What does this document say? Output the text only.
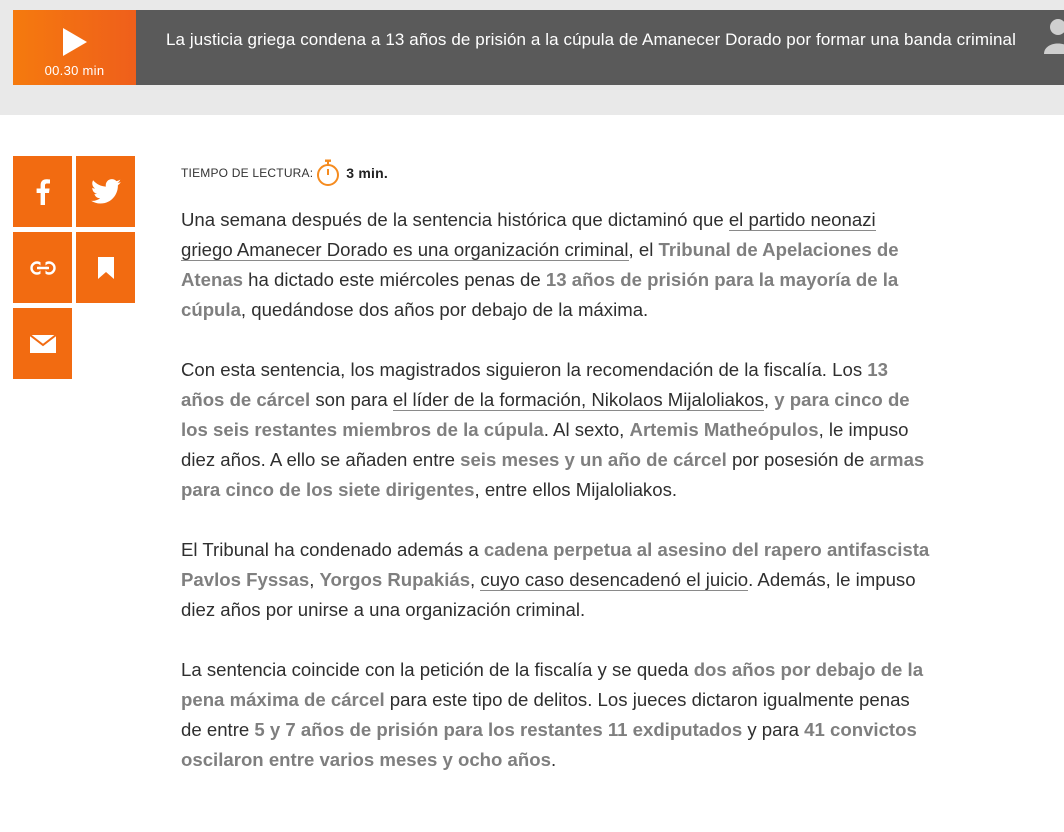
00.30 min
La justicia griega condena a 13 años de prisión a la cúpula de Amanecer Dorado por formar una banda criminal
TIEMPO DE LECTURA: 3 min.

Una semana después de la sentencia histórica que dictaminó que el partido neonazi griego Amanecer Dorado es una organización criminal, el Tribunal de Apelaciones de Atenas ha dictado este miércoles penas de 13 años de prisión para la mayoría de la cúpula, quedándose dos años por debajo de la máxima.

Con esta sentencia, los magistrados siguieron la recomendación de la fiscalía. Los 13 años de cárcel son para el líder de la formación, Nikolaos Mijaloliakos, y para cinco de los seis restantes miembros de la cúpula. Al sexto, Artemis Matheópulos, le impuso diez años. A ello se añaden entre seis meses y un año de cárcel por posesión de armas para cinco de los siete dirigentes, entre ellos Mijaloliakos.

El Tribunal ha condenado además a cadena perpetua al asesino del rapero antifascista Pavlos Fyssas, Yorgos Rupakiás, cuyo caso desencadenó el juicio. Además, le impuso diez años por unirse a una organización criminal.

La sentencia coincide con la petición de la fiscalía y se queda dos años por debajo de la pena máxima de cárcel para este tipo de delitos. Los jueces dictaron igualmente penas de entre 5 y 7 años de prisión para los restantes 11 exdiputados y para 41 convictos oscilaron entre varios meses y ocho años.
